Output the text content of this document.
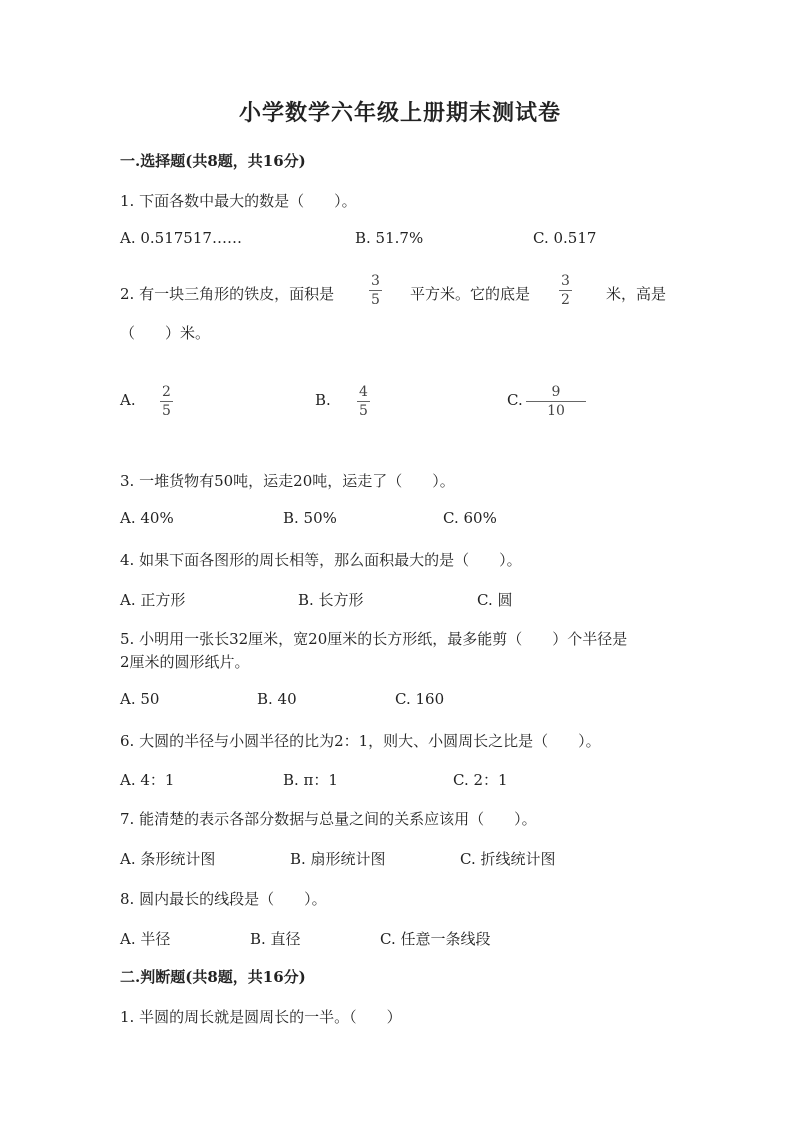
小学数学六年级上册期末测试卷
一.选择题(共8题，共16分)
1. 下面各数中最大的数是（　　）。
A. 0.517517……	B. 51.7%	C. 0.517
2. 有一块三角形的铁皮，面积是
3
5 平方米。它的底是
3
2 米，高是
（　　）米。
A. 2
5
B. 4
5
C. 9
10
3. 一堆货物有50吨，运走20吨，运走了（　　）。
A. 40%	B. 50%	C. 60%
4. 如果下面各图形的周长相等，那么面积最大的是（　　）。
A. 正方形	B. 长方形	C. 圆
5. 小明用一张长32厘米，宽20厘米的长方形纸，最多能剪（　　）个半径是
2厘米的圆形纸片。
A. 50	B. 40	C. 160
6. 大圆的半径与小圆半径的比为2：1，则大、小圆周长之比是（　　）。
A. 4：1	B. π：1	C. 2：1
7. 能清楚的表示各部分数据与总量之间的关系应该用（　　）。
A. 条形统计图	B. 扇形统计图	C. 折线统计图
8. 圆内最长的线段是（　　）。
A. 半径	B. 直径	C. 任意一条线段
二.判断题(共8题，共16分)
1. 半圆的周长就是圆周长的一半。（　　）
